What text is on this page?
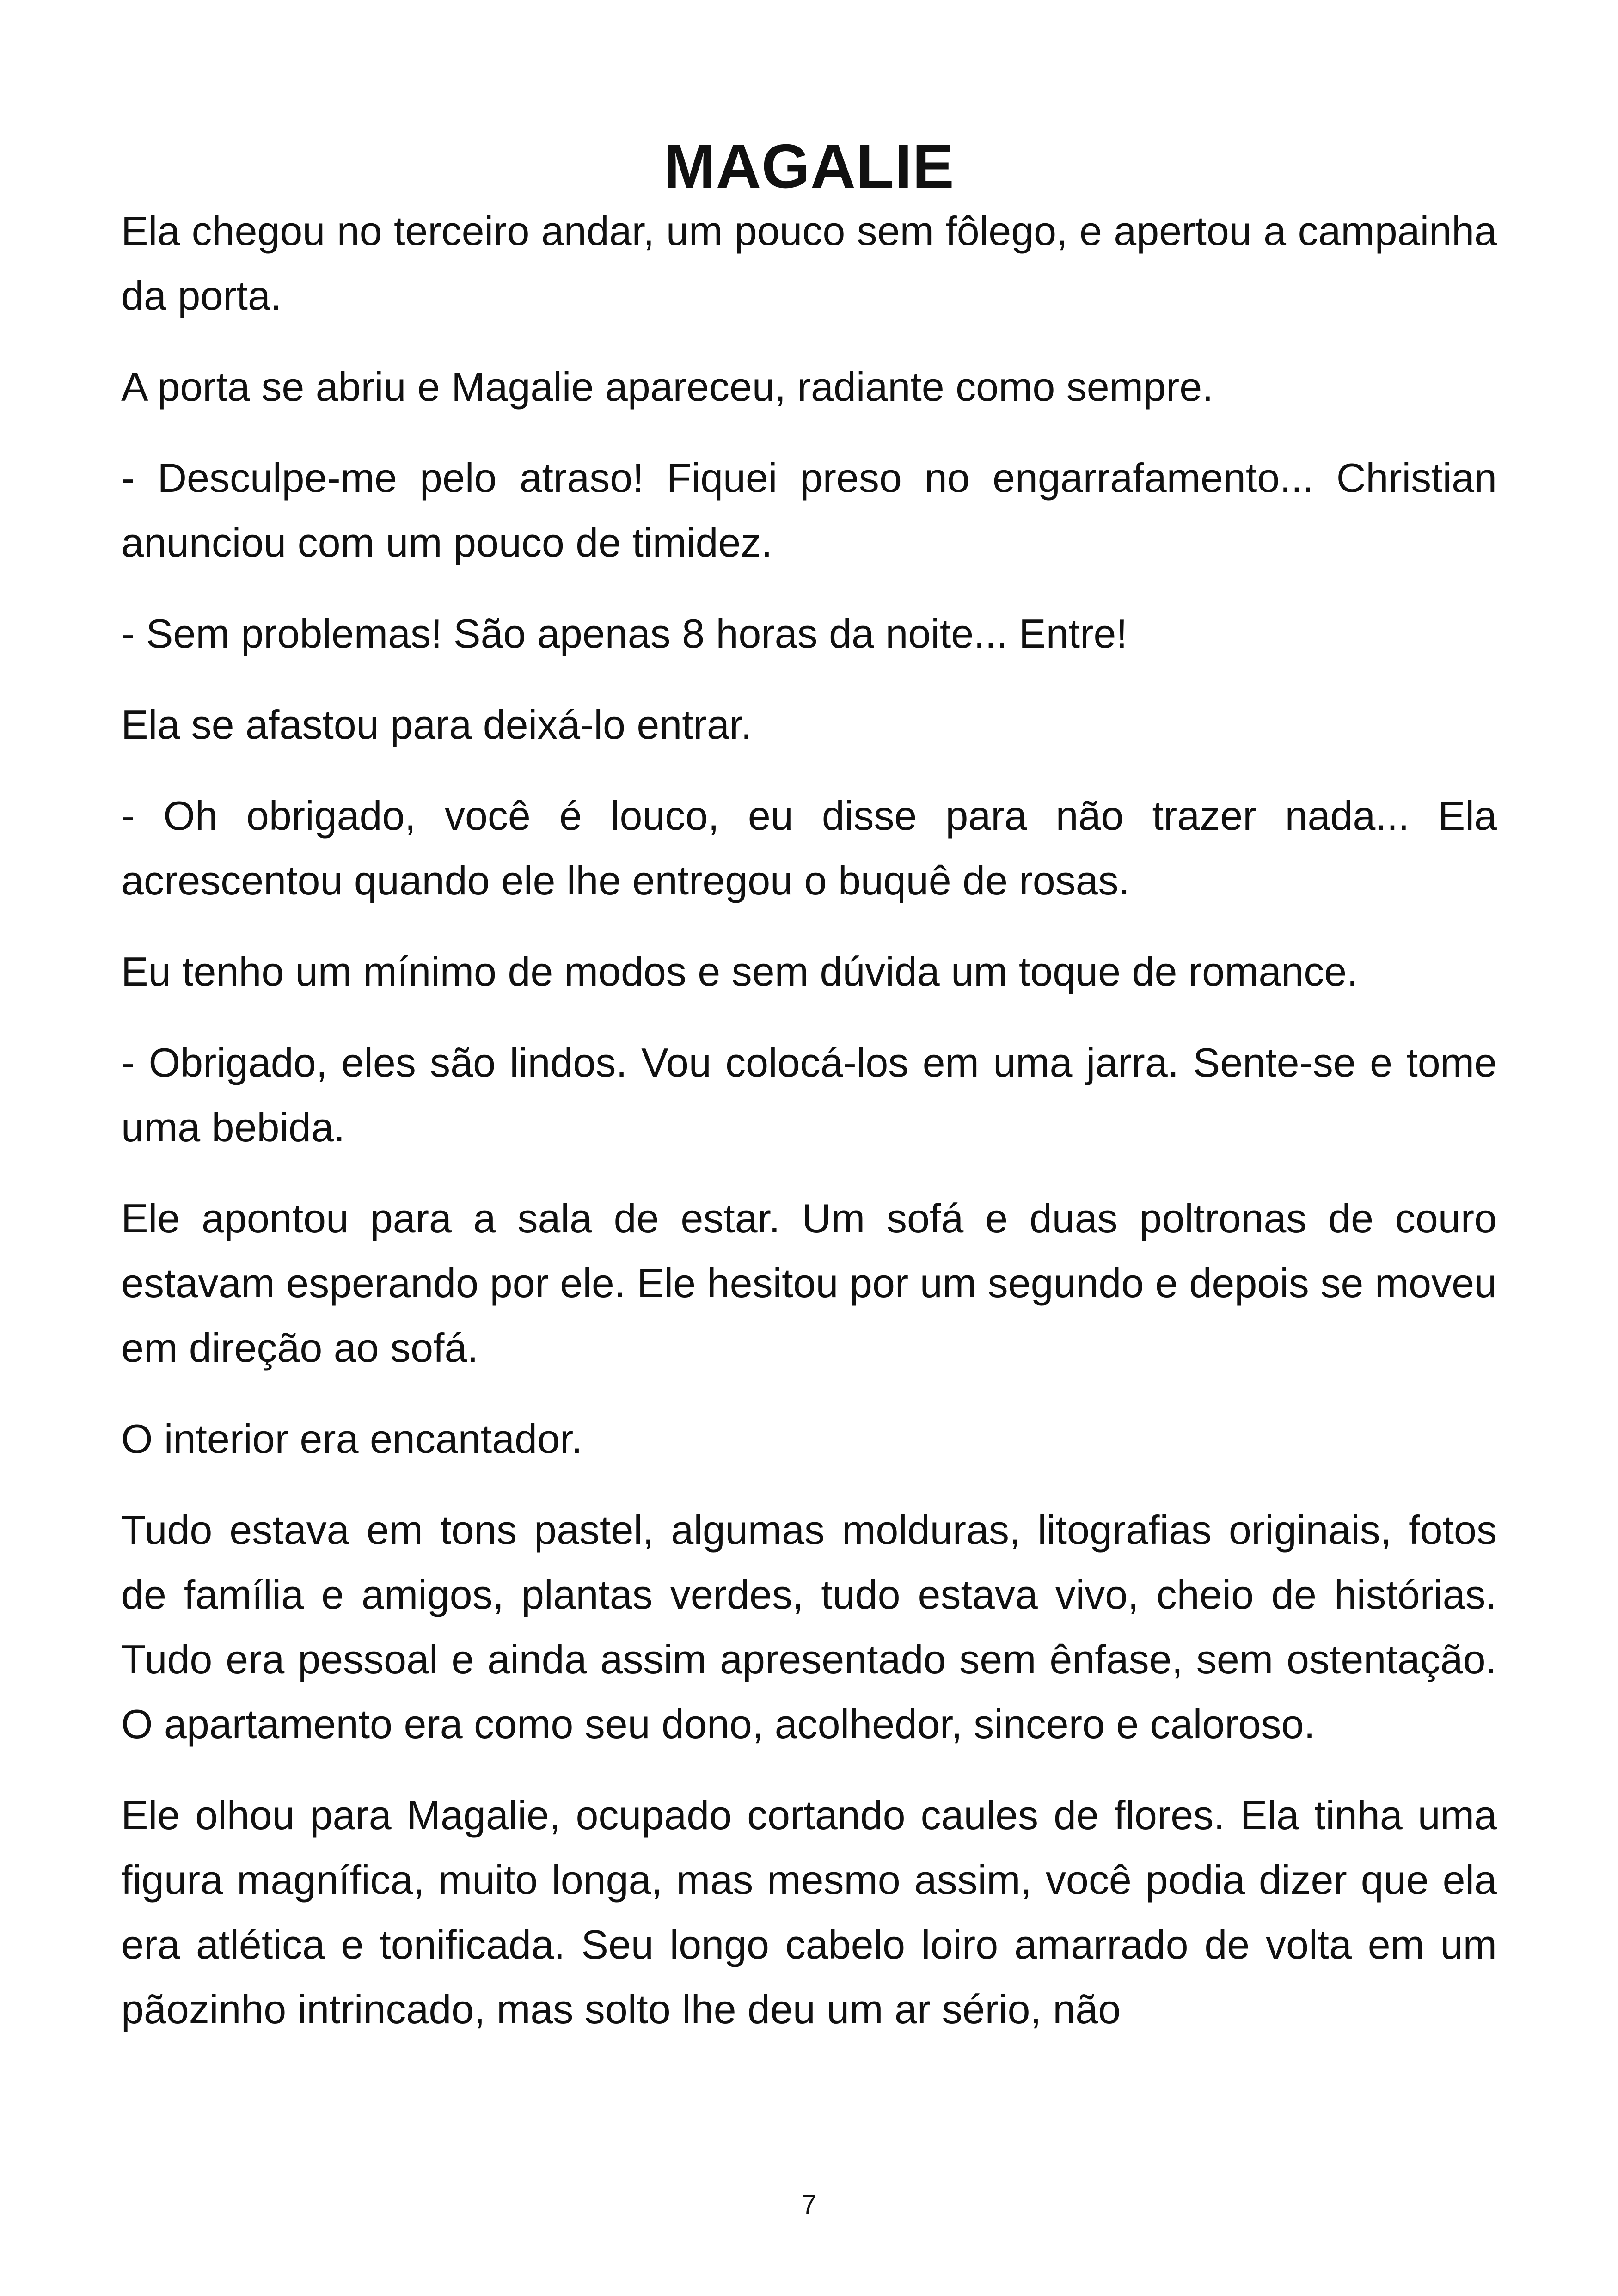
MAGALIE

Ela chegou no terceiro andar, um pouco sem fôlego, e apertou a campainha da porta.

A porta se abriu e Magalie apareceu, radiante como sempre.

- Desculpe-me pelo atraso! Fiquei preso no engarrafamento... Christian anunciou com um pouco de timidez.

- Sem problemas! São apenas 8 horas da noite... Entre!

Ela se afastou para deixá-lo entrar.

- Oh obrigado, você é louco, eu disse para não trazer nada... Ela acrescentou quando ele lhe entregou o buquê de rosas.

Eu tenho um mínimo de modos e sem dúvida um toque de romance.

- Obrigado, eles são lindos. Vou colocá-los em uma jarra. Sente-se e tome uma bebida.

Ele apontou para a sala de estar. Um sofá e duas poltronas de couro estavam esperando por ele. Ele hesitou por um segundo e depois se moveu em direção ao sofá.

O interior era encantador.

Tudo estava em tons pastel, algumas molduras, litografias originais, fotos de família e amigos, plantas verdes, tudo estava vivo, cheio de histórias. Tudo era pessoal e ainda assim apresentado sem ênfase, sem ostentação. O apartamento era como seu dono, acolhedor, sincero e caloroso.

Ele olhou para Magalie, ocupado cortando caules de flores. Ela tinha uma figura magnífica, muito longa, mas mesmo assim, você podia dizer que ela era atlética e tonificada. Seu longo cabelo loiro amarrado de volta em um pãozinho intrincado, mas solto lhe deu um ar sério, não

7
